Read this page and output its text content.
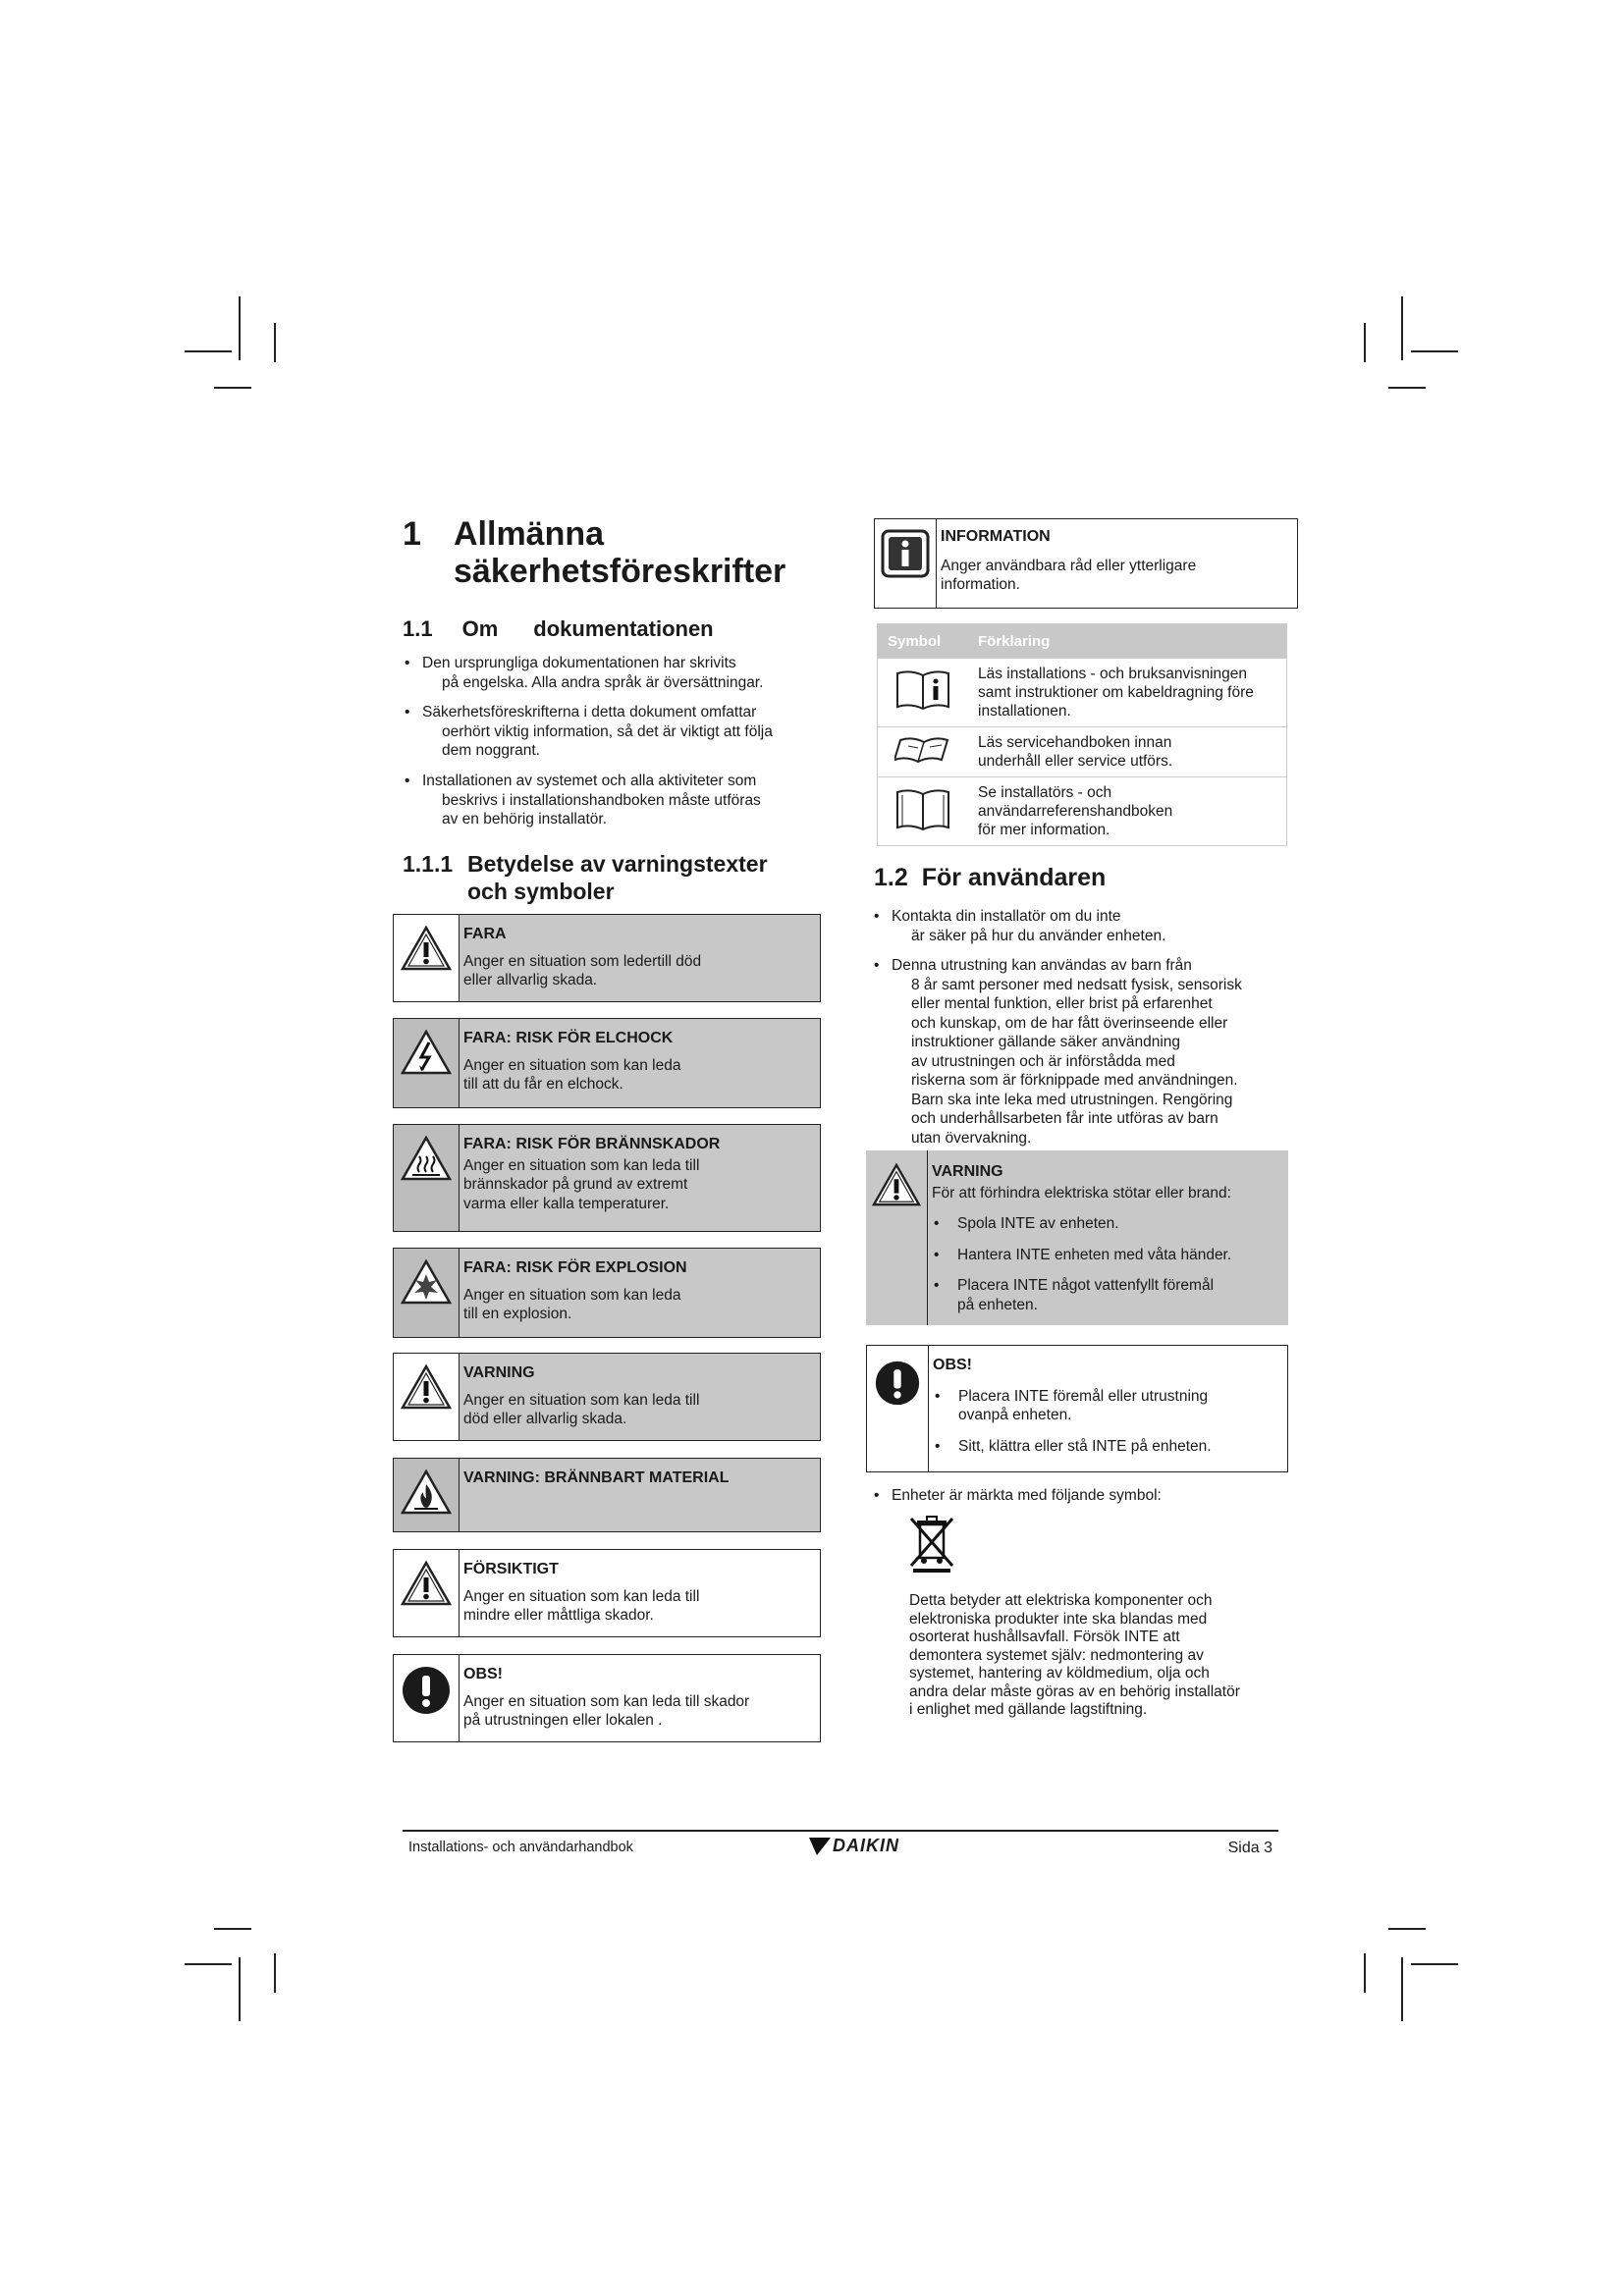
1 Allmänna
säkerhetsföreskrifter
1.1 Om dokumentationen
• Den ursprungliga dokumentationen har skrivits
på engelska. Alla andra språk är översättningar.
• Säkerhetsföreskrifterna i detta dokument omfattar
oerhört viktig information, så det är viktigt att följa
dem noggrant.
• Installationen av systemet och alla aktiviteter som
beskrivs i installationshandboken måste utföras
av en behörig installatör.
1.1.1 Betydelse av varningstexter
och symboler
FARA
Anger en situation som ledertill död
eller allvarlig skada.
FARA: RISK FÖR ELCHOCK
Anger en situation som kan leda
till att du får en elchock.
FARA: RISK FÖR BRÄNNSKADOR
Anger en situation som kan leda till
brännskador på grund av extremt
varma eller kalla temperaturer.
FARA: RISK FÖR EXPLOSION
Anger en situation som kan leda
till en explosion.
VARNING
Anger en situation som kan leda till
död eller allvarlig skada.
VARNING: BRÄNNBART MATERIAL
FÖRSIKTIGT
Anger en situation som kan leda till
mindre eller måttliga skador.
OBS!
Anger en situation som kan leda till skador
på utrustningen eller lokalen .
INFORMATION
Anger användbara råd eller ytterligare
information.
Symbol	Förklaring

Läs installations - och bruksanvisningen
samt instruktioner om kabeldragning före
installationen.

Läs servicehandboken innan
underhåll eller service utförs.

Se installatörs - och
användarreferenshandboken
för mer information.
1.2 För användaren
• Kontakta din installatör om du inte
är säker på hur du använder enheten.
• Denna utrustning kan användas av barn från
8 år samt personer med nedsatt fysisk, sensorisk
eller mental funktion, eller brist på erfarenhet
och kunskap, om de har fått överinseende eller
instruktioner gällande säker användning
av utrustningen och är införstådda med
riskerna som är förknippade med användningen.
Barn ska inte leka med utrustningen. Rengöring
och underhållsarbeten får inte utföras av barn
utan övervakning.
VARNING
För att förhindra elektriska stötar eller brand:
• Spola INTE av enheten.
• Hantera INTE enheten med våta händer.
• Placera INTE något vattenfyllt föremål
på enheten.
OBS!
• Placera INTE föremål eller utrustning
ovanpå enheten.
• Sitt, klättra eller stå INTE på enheten.
• Enheter är märkta med följande symbol:
Detta betyder att elektriska komponenter och
elektroniska produkter inte ska blandas med
osorterat hushållsavfall. Försök INTE att
demontera systemet själv: nedmontering av
systemet, hantering av köldmedium, olja och
andra delar måste göras av en behörig installatör
i enlighet med gällande lagstiftning.
Installations- och användarhandbok	DAIKIN	Sida 3
